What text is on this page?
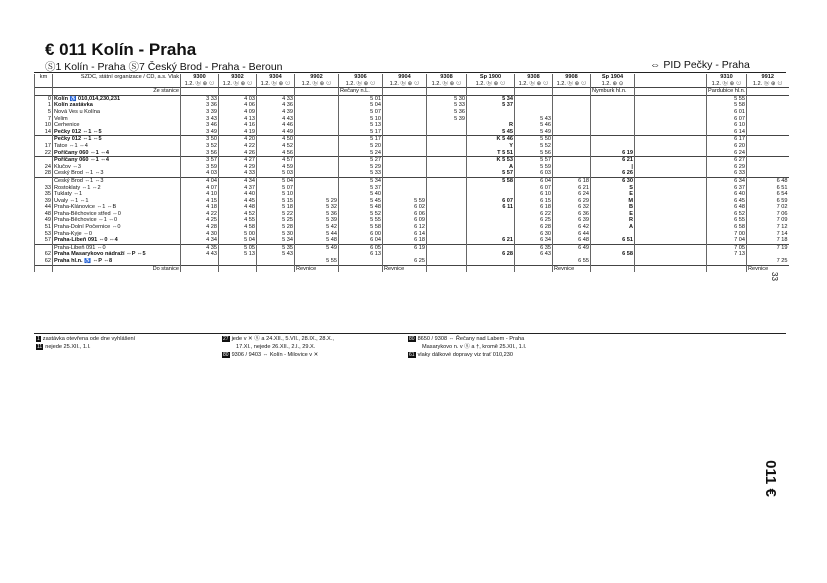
€ 011 Kolín - Praha
Ⓢ1 Kolín - Praha Ⓢ7 Český Brod - Praha - Beroun	⇔ PID Pečky - Praha
km	SŽDC, státní organizace / ČD, a.s. Vlak	9300	9302	9304	9902	9306	9904	9308	Sp 1900	9308	9908	Sp 1904		9310	9912
		1.2. ⓑ ⊛ ⊙	1.2. ⓑ ⊛ ⊙	1.2. ⓑ ⊛ ⊙	1.2. ⓑ ⊛ ⊙	1.2. ⓑ ⊛ ⊙	1.2. ⓑ ⊛ ⊙	1.2. ⓑ ⊛ ⊙	1.2. ⓑ ⊛ ⊙	1.2. ⓑ ⊛ ⊙	1.2. ⓑ ⊛ ⊙	1.2. ⊛ ⊙		1.2. ⓑ ⊛ ⊙	1.2. ⓑ ⊛ ⊙
	Ze stanice					Řečany n.L.						Nymburk hl.n.		Pardubice hl.n.	
0	Kolín ♿ 010,014,230,231	3 33	4 03	4 33		5 01		5 30	5 34					5 55	
1	Kolín zastávka	3 36	4 06	4 36		5 04		5 33	5 37					5 58	
5	Nová Ves u Kolína	3 39	4 09	4 39		5 07		5 36						6 01	
7	Velim	3 43	4 13	4 43		5 10		5 39		5 43				6 07	
10	Cerhenice	3 46	4 16	4 46		5 13			R	5 46				6 10	
14	Pečky 012 ⇔1 ⇔5	3 49	4 19	4 49		5 17			5 45	5 49				6 14	
	Pečky 012 ⇔1 ⇔5	3 50	4 20	4 50		5 17			K 5 46	5 50				6 17	
17	Tatce ⇔1 ⇔4	3 52	4 22	4 52		5 20			Y	5 52				6 20	
22	Poříčany 060 ⇔1 ⇔4	3 56	4 26	4 56		5 24			T 5 51	5 56		6 19		6 24	
	Poříčany 060 ⇔1 ⇔4	3 57	4 27	4 57		5 27			K 5 53	5 57		6 21		6 27	
24	Klučov ⇔3	3 59	4 29	4 59		5 29			A	5 59		|		6 29	
28	Český Brod ⇔1 ⇔3	4 03	4 33	5 03		5 33			5 57	6 03		6 26		6 33	
	Český Brod ⇔1 ⇔3	4 04	4 34	5 04		5 34			5 58	6 04	6 18	6 30		6 34	6 48
33	Rostoklaty ⇔1 ⇔2	4 07	4 37	5 07		5 37				6 07	6 21	S		6 37	6 51
35	Tuklaty ⇔1	4 10	4 40	5 10		5 40				6 10	6 24	E		6 40	6 54
39	Úvaly ⇔1 ⇔1	4 15	4 45	5 15	5 29	5 45	5 59		6 07	6 15	6 29	M		6 45	6 59
44	Praha-Klánovice ⇔1 ⇔B	4 18	4 48	5 18	5 32	5 48	6 02		6 11	6 18	6 32	B		6 48	7 02
48	Praha-Běchovice střed ⇔0	4 22	4 52	5 22	5 36	5 52	6 06			6 22	6 36	E		6 52	7 06
49	Praha-Běchovice ⇔1 ⇔0	4 25	4 55	5 25	5 39	5 55	6 09			6 25	6 39	R		6 55	7 09
51	Praha-Dolní Počernice ⇔0	4 28	4 58	5 28	5 42	5 58	6 12			6 28	6 42	A		6 58	7 12
53	Praha-Kyje ⇔0	4 30	5 00	5 30	5 44	6 00	6 14			6 30	6 44			7 00	7 14
57	Praha-Libeň 091 ⇔0 ⇔4	4 34	5 04	5 34	5 48	6 04	6 18		6 21	6 34	6 48	6 51		7 04	7 18
	Praha-Libeň 091 ⇔0	4 35	5 05	5 35	5 49	6 05	6 19			6 35	6 49			7 05	7 19
62	Praha Masarykovo nádraží ⇔P ⇔5	4 43	5 13	5 43		6 13			6 28	6 43		6 58		7 13	
62	Praha hl.n. ♿ ⇔P ⇔8				5 55		6 25				6 55				7 25
	Do stanice				Řevnice		Řevnice				Řevnice				Řevnice
1 zastávka otevřena ode dne vyhlášení
11 nejede 25.XII., 1.I.
27 jede v ✕ Ⓢ a 24.XII., 5.VII., 28.IX., 28.X.,
17.XI., nejede 26.XII., 2.I., 29.X.
80 9306 / 9403 ⇔ Kolín - Milovice v ✕
80 8650 / 9308 ⇔ Řečany nad Labem - Praha
Masarykovo n. v Ⓢ a †, kromě 25.XII., 1.I.
61 vlaky dálkové dopravy viz trať 010,230
33
011 €
